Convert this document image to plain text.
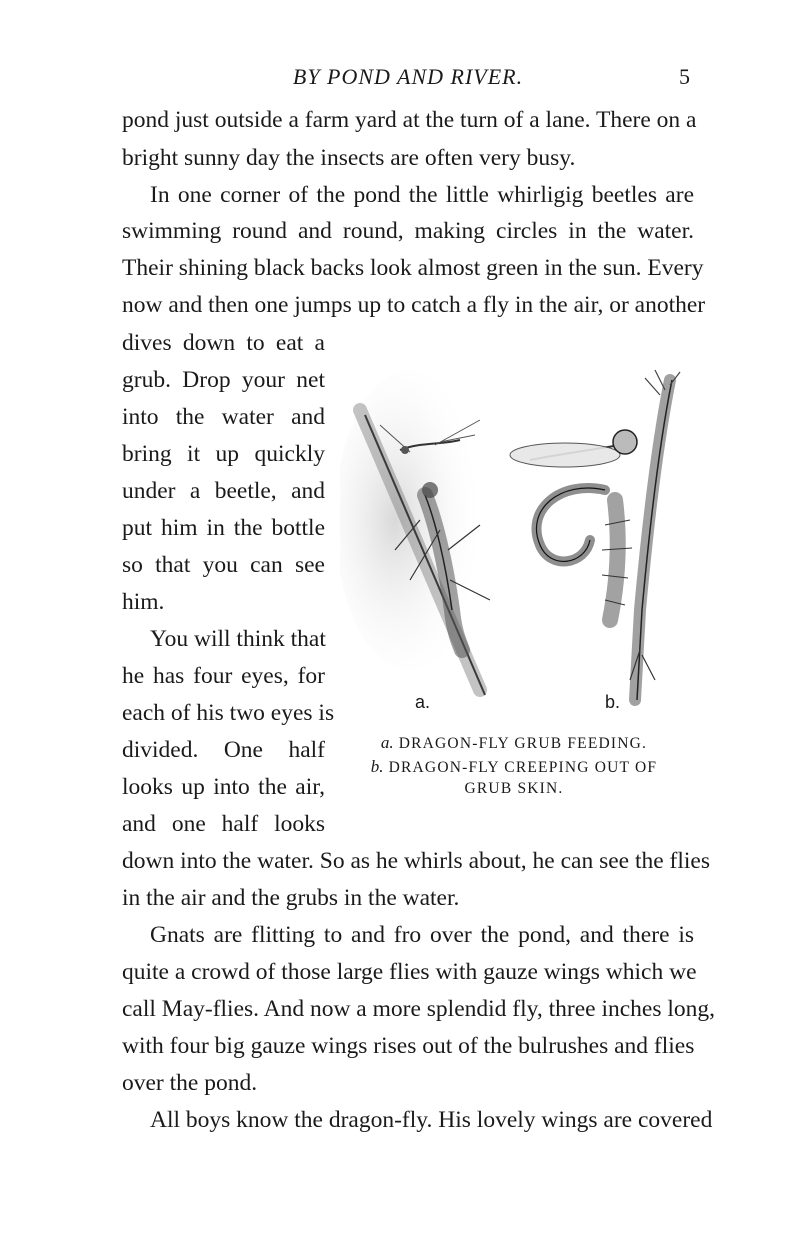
BY POND AND RIVER.	5
pond just outside a farm yard at the turn of a lane. There on a
bright sunny day the insects are often very busy.
In one corner of the pond the little whirligig beetles are
swimming round and round, making circles in the water.
Their shining black backs look almost green in the sun. Every
now and then one jumps up to catch a fly in the air, or another
dives down to eat a
grub. Drop your net
into the water and
bring it up quickly
under a beetle, and
put him in the bottle
so that you can see
him.
You will think that
he has four eyes, for
each of his two eyes is
divided. One half
looks up into the air,
and one half looks
a.	b.
a. DRAGON-FLY GRUB FEEDING.
b. DRAGON-FLY CREEPING OUT OF
GRUB SKIN.
down into the water. So as he whirls about, he can see the flies
in the air and the grubs in the water.
Gnats are flitting to and fro over the pond, and there is
quite a crowd of those large flies with gauze wings which we
call May-flies. And now a more splendid fly, three inches long,
with four big gauze wings rises out of the bulrushes and flies
over the pond.
All boys know the dragon-fly. His lovely wings are covered
